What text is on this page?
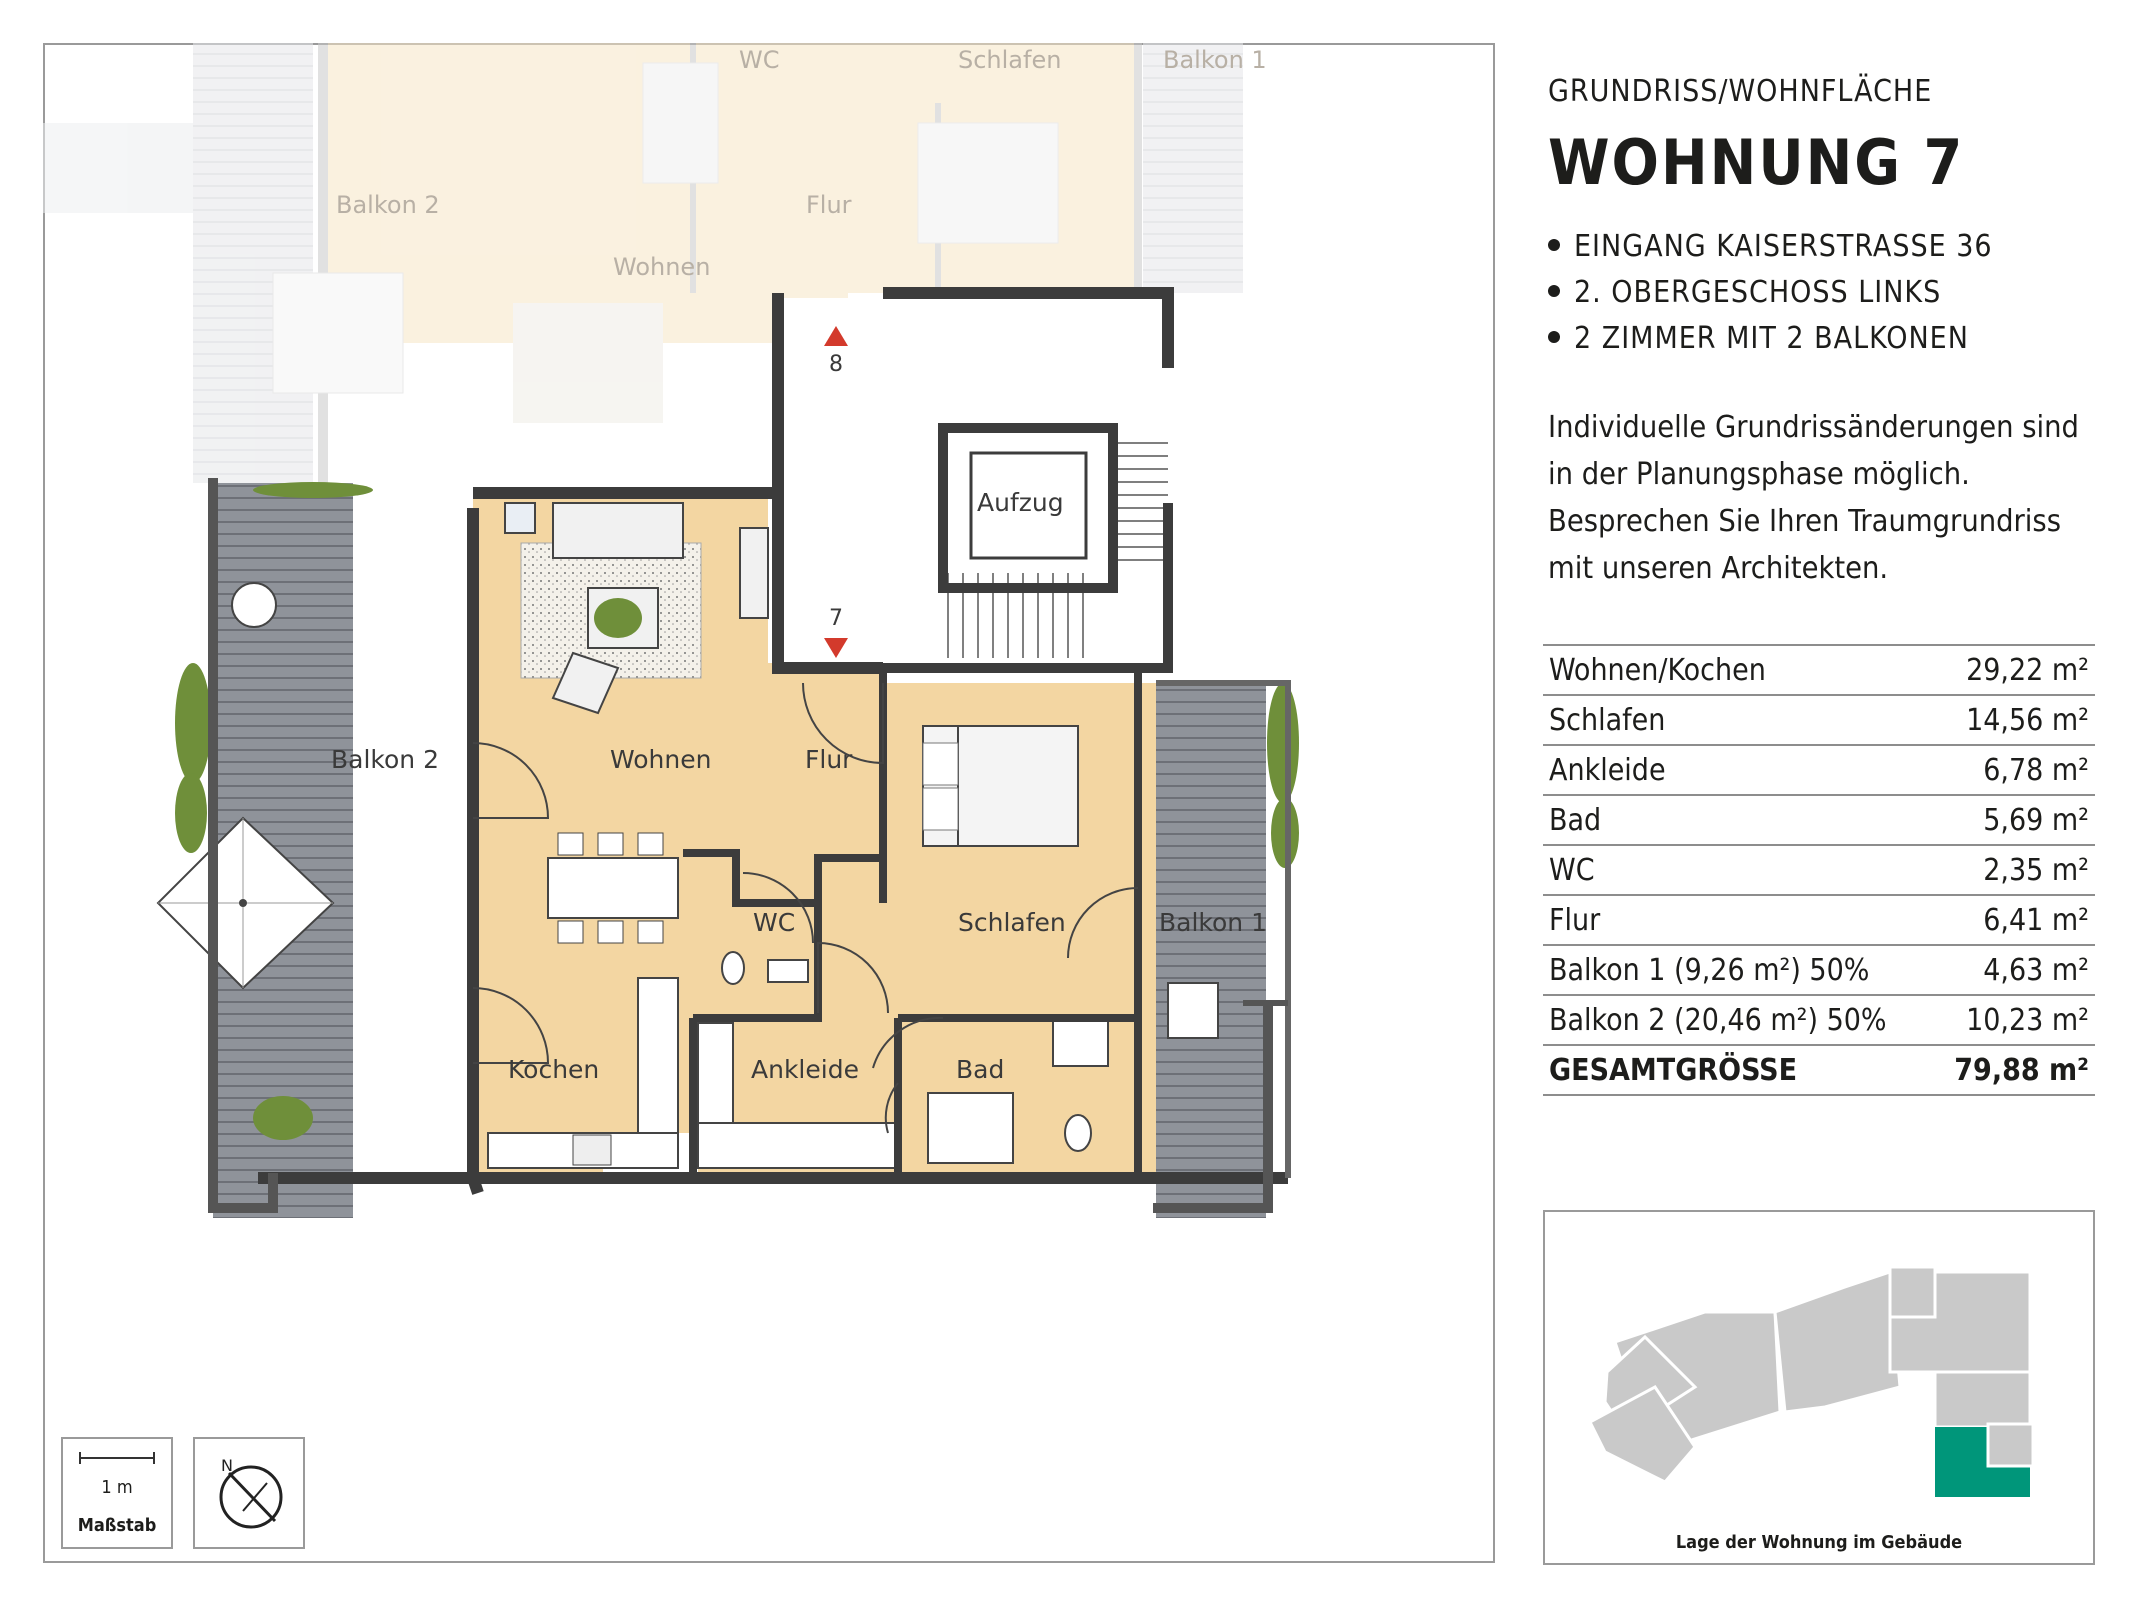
WC	Schlafen	Balkon 1
Balkon 2	Flur
Wohnen
Wohnen	Flur
WC	Schlafen
Kochen	Ankleide	Bad
Aufzug
Balkon 2
Balkon 1
8
7
1 m
Maßstab
N
GRUNDRISS/WOHNFLÄCHE
WOHNUNG 7
EINGANG KAISERSTRASSE 36
2. OBERGESCHOSS LINKS
2 ZIMMER MIT 2 BALKONEN
Individuelle Grundrissänderungen sind in der Planungsphase möglich. Besprechen Sie Ihren Traumgrundriss mit unseren Architekten.
Wohnen/Kochen	29,22 m²
Schlafen	14,56 m²
Ankleide	6,78 m²
Bad	5,69 m²
WC	2,35 m²
Flur	6,41 m²
Balkon 1 (9,26 m²) 50%	4,63 m²
Balkon 2 (20,46 m²) 50%	10,23 m²
GESAMTGRÖSSE	79,88 m²
Lage der Wohnung im Gebäude
